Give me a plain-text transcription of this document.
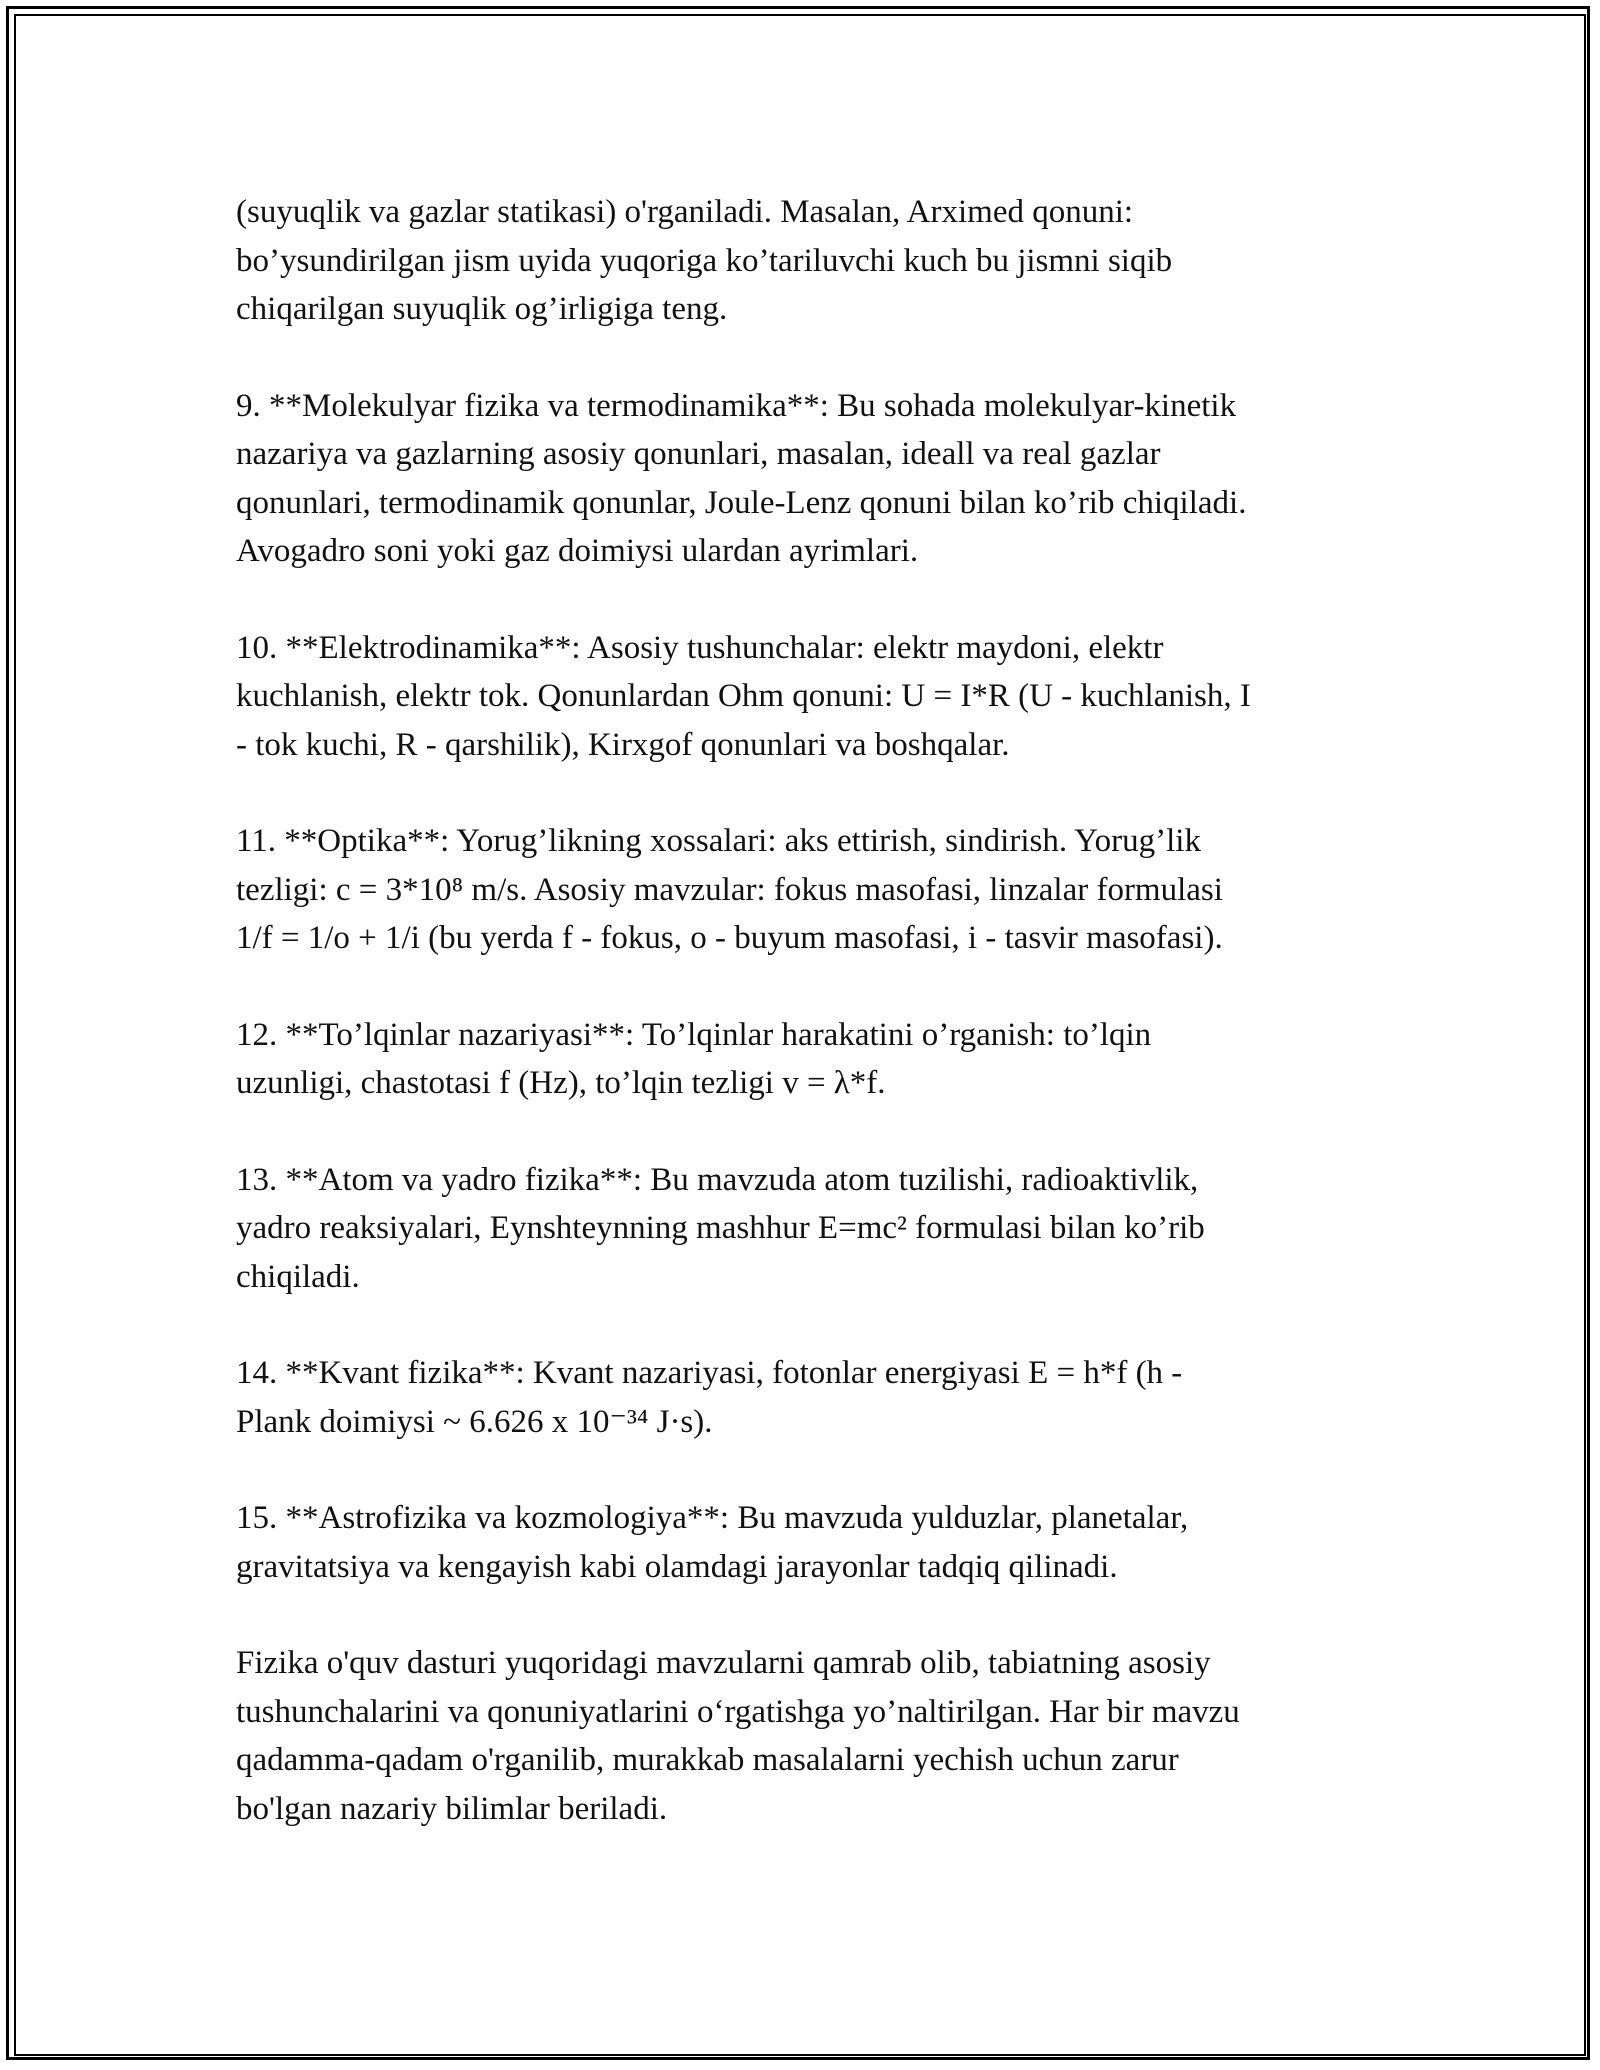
(suyuqlik va gazlar statikasi) o'rganiladi. Masalan, Arximed qonuni:
bo’ysundirilgan jism uyida yuqoriga ko’tariluvchi kuch bu jismni siqib
chiqarilgan suyuqlik og’irligiga teng.

9. **Molekulyar fizika va termodinamika**: Bu sohada molekulyar-kinetik
nazariya va gazlarning asosiy qonunlari, masalan, ideall va real gazlar
qonunlari, termodinamik qonunlar, Joule-Lenz qonuni bilan ko’rib chiqiladi.
Avogadro soni yoki gaz doimiysi ulardan ayrimlari.

10. **Elektrodinamika**: Asosiy tushunchalar: elektr maydoni, elektr
kuchlanish, elektr tok. Qonunlardan Ohm qonuni: U = I*R (U - kuchlanish, I
- tok kuchi, R - qarshilik), Kirxgof qonunlari va boshqalar.

11. **Optika**: Yorug’likning xossalari: aks ettirish, sindirish. Yorug’lik
tezligi: c = 3*10⁸ m/s. Asosiy mavzular: fokus masofasi, linzalar formulasi
1/f = 1/o + 1/i (bu yerda f - fokus, o - buyum masofasi, i - tasvir masofasi).

12. **To’lqinlar nazariyasi**: To’lqinlar harakatini o’rganish: to’lqin
uzunligi, chastotasi f (Hz), to’lqin tezligi v = λ*f.

13. **Atom va yadro fizika**: Bu mavzuda atom tuzilishi, radioaktivlik,
yadro reaksiyalari, Eynshteynning mashhur E=mc² formulasi bilan ko’rib
chiqiladi.

14. **Kvant fizika**: Kvant nazariyasi, fotonlar energiyasi E = h*f (h -
Plank doimiysi ~ 6.626 x 10⁻³⁴ J·s).

15. **Astrofizika va kozmologiya**: Bu mavzuda yulduzlar, planetalar,
gravitatsiya va kengayish kabi olamdagi jarayonlar tadqiq qilinadi.

Fizika o'quv dasturi yuqoridagi mavzularni qamrab olib, tabiatning asosiy
tushunchalarini va qonuniyatlarini o‘rgatishga yo’naltirilgan. Har bir mavzu
qadamma-qadam o'rganilib, murakkab masalalarni yechish uchun zarur
bo'lgan nazariy bilimlar beriladi.
